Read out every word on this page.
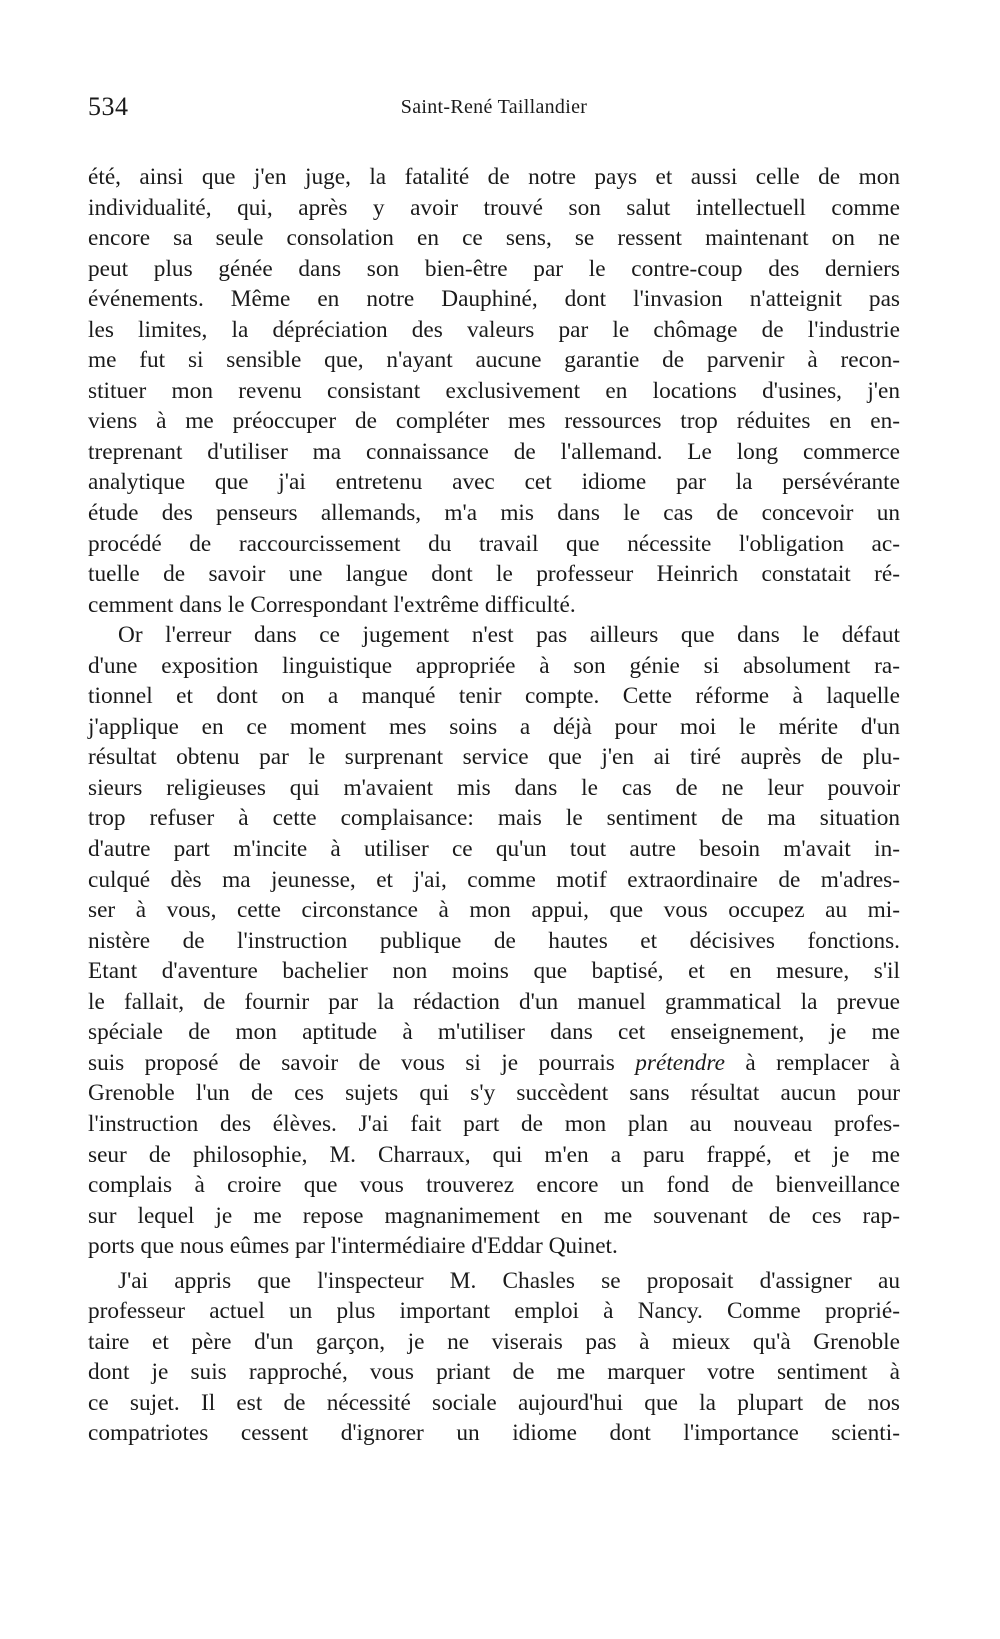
534	Saint-René Taillandier
été, ainsi que j'en juge, la fatalité de notre pays et aussi celle de mon
individualité, qui, après y avoir trouvé son salut intellectuell comme
encore sa seule consolation en ce sens, se ressent maintenant on ne
peut plus génée dans son bien-être par le contre-coup des derniers
événements. Même en notre Dauphiné, dont l'invasion n'atteignit pas
les limites, la dépréciation des valeurs par le chômage de l'industrie
me fut si sensible que, n'ayant aucune garantie de parvenir à recon-
stituer mon revenu consistant exclusivement en locations d'usines, j'en
viens à me préoccuper de compléter mes ressources trop réduites en en-
treprenant d'utiliser ma connaissance de l'allemand. Le long commerce
analytique que j'ai entretenu avec cet idiome par la persévérante
étude des penseurs allemands, m'a mis dans le cas de concevoir un
procédé de raccourcissement du travail que nécessite l'obligation ac-
tuelle de savoir une langue dont le professeur Heinrich constatait ré-
cemment dans le Correspondant l'extrême difficulté.
Or l'erreur dans ce jugement n'est pas ailleurs que dans le défaut
d'une exposition linguistique appropriée à son génie si absolument ra-
tionnel et dont on a manqué tenir compte. Cette réforme à laquelle
j'applique en ce moment mes soins a déjà pour moi le mérite d'un
résultat obtenu par le surprenant service que j'en ai tiré auprès de plu-
sieurs religieuses qui m'avaient mis dans le cas de ne leur pouvoir
trop refuser à cette complaisance: mais le sentiment de ma situation
d'autre part m'incite à utiliser ce qu'un tout autre besoin m'avait in-
culqué dès ma jeunesse, et j'ai, comme motif extraordinaire de m'adres-
ser à vous, cette circonstance à mon appui, que vous occupez au mi-
nistère de l'instruction publique de hautes et décisives fonctions.
Etant d'aventure bachelier non moins que baptisé, et en mesure, s'il
le fallait, de fournir par la rédaction d'un manuel grammatical la prevue
spéciale de mon aptitude à m'utiliser dans cet enseignement, je me
suis proposé de savoir de vous si je pourrais prétendre à remplacer à
Grenoble l'un de ces sujets qui s'y succèdent sans résultat aucun pour
l'instruction des élèves. J'ai fait part de mon plan au nouveau profes-
seur de philosophie, M. Charraux, qui m'en a paru frappé, et je me
complais à croire que vous trouverez encore un fond de bienveillance
sur lequel je me repose magnanimement en me souvenant de ces rap-
ports que nous eûmes par l'intermédiaire d'Eddar Quinet.
J'ai appris que l'inspecteur M. Chasles se proposait d'assigner au
professeur actuel un plus important emploi à Nancy. Comme proprié-
taire et père d'un garçon, je ne viserais pas à mieux qu'à Grenoble
dont je suis rapproché, vous priant de me marquer votre sentiment à
ce sujet. Il est de nécessité sociale aujourd'hui que la plupart de nos
compatriotes cessent d'ignorer un idiome dont l'importance scienti-
